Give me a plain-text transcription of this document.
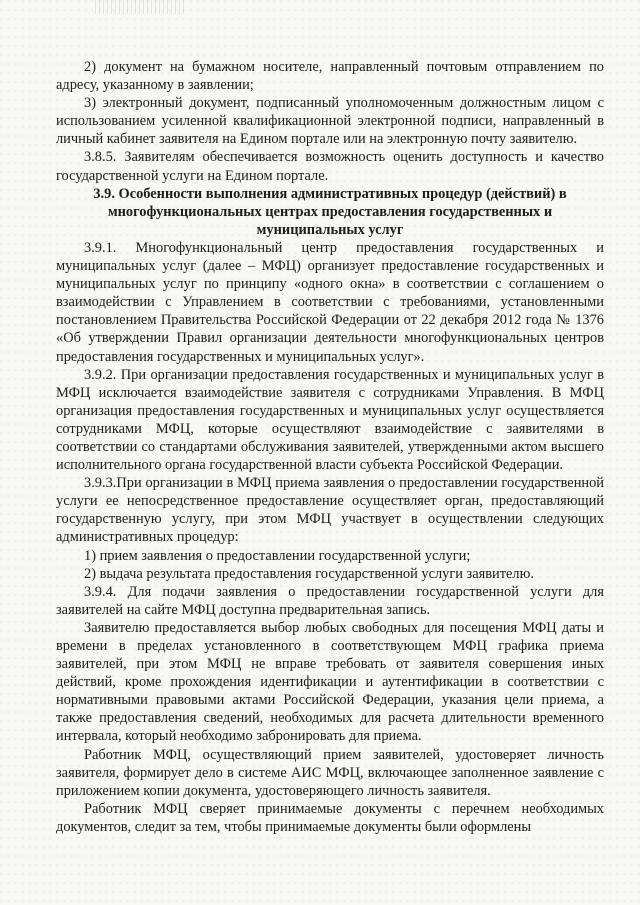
2) документ на бумажном носителе, направленный почтовым отправлением по адресу, указанному в заявлении;

3) электронный документ, подписанный уполномоченным должностным лицом с использованием усиленной квалификационной электронной подписи, направленный в личный кабинет заявителя на Едином портале или на электронную почту заявителю.

3.8.5. Заявителям обеспечивается возможность оценить доступность и качество государственной услуги на Едином портале.

3.9. Особенности выполнения административных процедур (действий) в многофункциональных центрах предоставления государственных и муниципальных услуг

3.9.1. Многофункциональный центр предоставления государственных и муниципальных услуг (далее – МФЦ) организует предоставление государственных и муниципальных услуг по принципу «одного окна» в соответствии с соглашением о взаимодействии с Управлением в соответствии с требованиями, установленными постановлением Правительства Российской Федерации от 22 декабря 2012 года № 1376 «Об утверждении Правил организации деятельности многофункциональных центров предоставления государственных и муниципальных услуг».

3.9.2. При организации предоставления государственных и муниципальных услуг в МФЦ исключается взаимодействие заявителя с сотрудниками Управления. В МФЦ организация предоставления государственных и муниципальных услуг осуществляется сотрудниками МФЦ, которые осуществляют взаимодействие с заявителями в соответствии со стандартами обслуживания заявителей, утвержденными актом высшего исполнительного органа государственной власти субъекта Российской Федерации.

3.9.3.При организации в МФЦ приема заявления о предоставлении государственной услуги ее непосредственное предоставление осуществляет орган, предоставляющий государственную услугу, при этом МФЦ участвует в осуществлении следующих административных процедур:

1) прием заявления о предоставлении государственной услуги;

2) выдача результата предоставления государственной услуги заявителю.

3.9.4. Для подачи заявления о предоставлении государственной услуги для заявителей на сайте МФЦ доступна предварительная запись.

Заявителю предоставляется выбор любых свободных для посещения МФЦ даты и времени в пределах установленного в соответствующем МФЦ графика приема заявителей, при этом МФЦ не вправе требовать от заявителя совершения иных действий, кроме прохождения идентификации и аутентификации в соответствии с нормативными правовыми актами Российской Федерации, указания цели приема, а также предоставления сведений, необходимых для расчета длительности временного интервала, который необходимо забронировать для приема.

Работник МФЦ, осуществляющий прием заявителей, удостоверяет личность заявителя, формирует дело в системе АИС МФЦ, включающее заполненное заявление с приложением копии документа, удостоверяющего личность заявителя.

Работник МФЦ сверяет принимаемые документы с перечнем необходимых документов, следит за тем, чтобы принимаемые документы были оформлены
